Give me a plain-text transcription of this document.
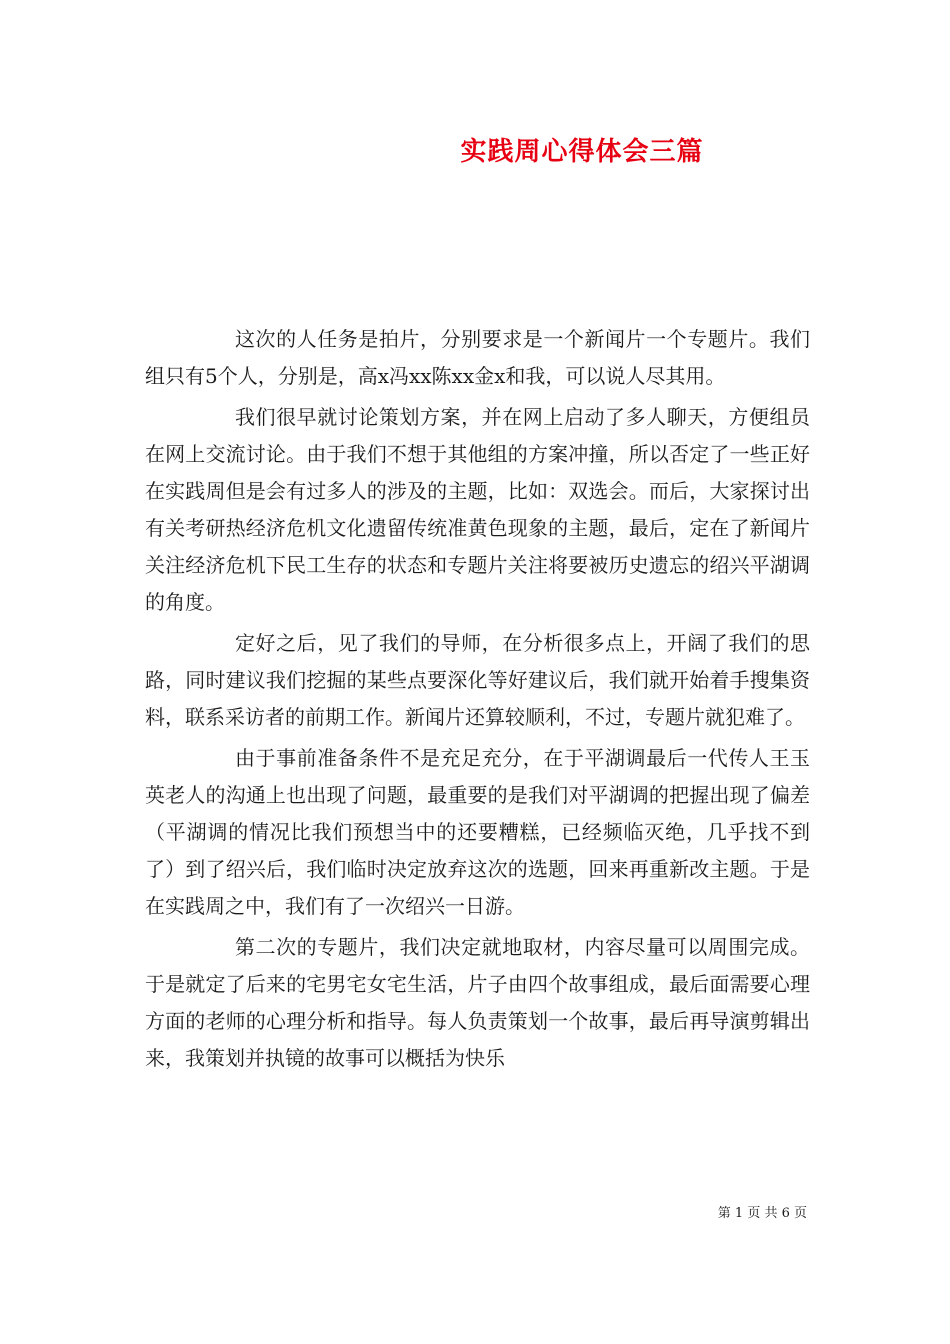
实践周心得体会三篇

这次的人任务是拍片，分别要求是一个新闻片一个专题片。我们组只有5个人，分别是，高x冯xx陈xx金x和我，可以说人尽其用。

我们很早就讨论策划方案，并在网上启动了多人聊天，方便组员在网上交流讨论。由于我们不想于其他组的方案冲撞，所以否定了一些正好在实践周但是会有过多人的涉及的主题，比如：双选会。而后，大家探讨出有关考研热经济危机文化遗留传统准黄色现象的主题，最后，定在了新闻片关注经济危机下民工生存的状态和专题片关注将要被历史遗忘的绍兴平湖调的角度。

定好之后，见了我们的导师，在分析很多点上，开阔了我们的思路，同时建议我们挖掘的某些点要深化等好建议后，我们就开始着手搜集资料，联系采访者的前期工作。新闻片还算较顺利，不过，专题片就犯难了。

由于事前准备条件不是充足充分，在于平湖调最后一代传人王玉英老人的沟通上也出现了问题，最重要的是我们对平湖调的把握出现了偏差（平湖调的情况比我们预想当中的还要糟糕，已经频临灭绝，几乎找不到了）到了绍兴后，我们临时决定放弃这次的选题，回来再重新改主题。于是在实践周之中，我们有了一次绍兴一日游。

第二次的专题片，我们决定就地取材，内容尽量可以周围完成。于是就定了后来的宅男宅女宅生活，片子由四个故事组成，最后面需要心理方面的老师的心理分析和指导。每人负责策划一个故事，最后再导演剪辑出来，我策划并执镜的故事可以概括为快乐

第 1 页 共 6 页
